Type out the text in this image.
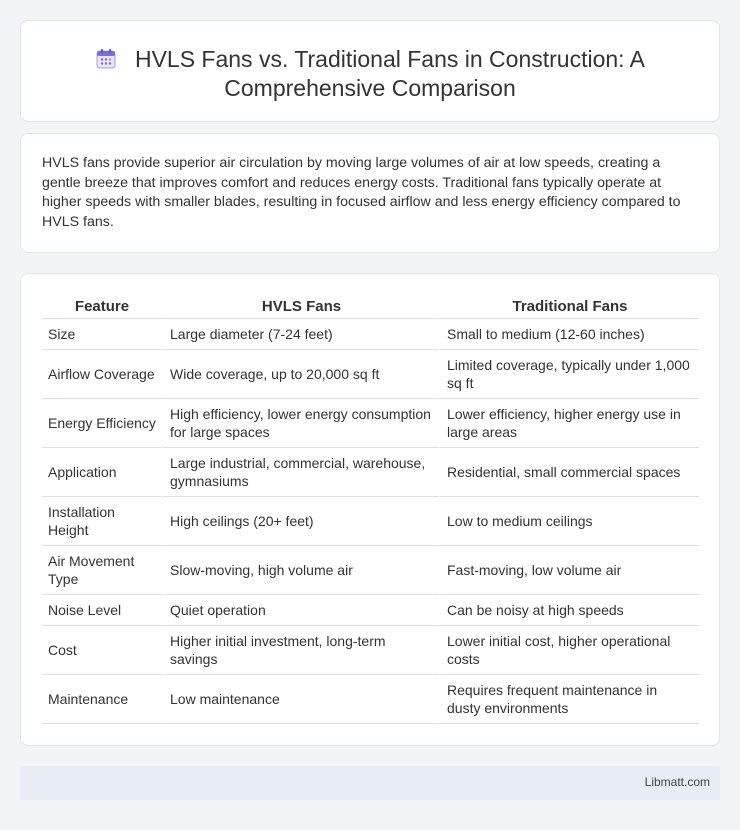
HVLS Fans vs. Traditional Fans in Construction: A Comprehensive Comparison

HVLS fans provide superior air circulation by moving large volumes of air at low speeds, creating a gentle breeze that improves comfort and reduces energy costs. Traditional fans typically operate at higher speeds with smaller blades, resulting in focused airflow and less energy efficiency compared to HVLS fans.

Feature	HVLS Fans	Traditional Fans
Size	Large diameter (7-24 feet)	Small to medium (12-60 inches)
Airflow Coverage	Wide coverage, up to 20,000 sq ft	Limited coverage, typically under 1,000 sq ft
Energy Efficiency	High efficiency, lower energy consumption for large spaces	Lower efficiency, higher energy use in large areas
Application	Large industrial, commercial, warehouse, gymnasiums	Residential, small commercial spaces
Installation Height	High ceilings (20+ feet)	Low to medium ceilings
Air Movement Type	Slow-moving, high volume air	Fast-moving, low volume air
Noise Level	Quiet operation	Can be noisy at high speeds
Cost	Higher initial investment, long-term savings	Lower initial cost, higher operational costs
Maintenance	Low maintenance	Requires frequent maintenance in dusty environments
Libmatt.com
